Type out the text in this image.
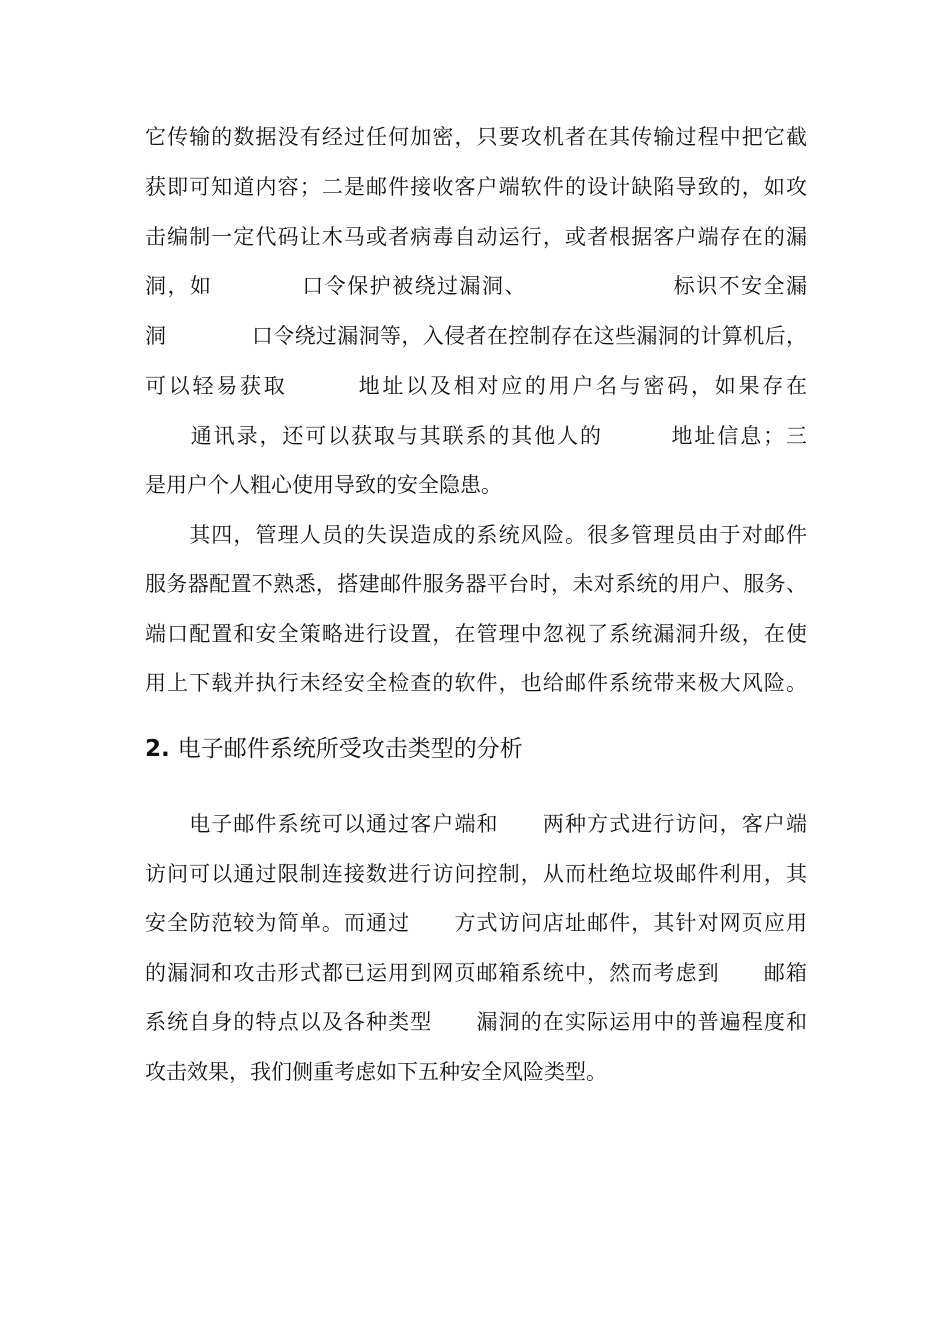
它传输的数据没有经过任何加密，只要攻机者在其传输过程中把它截
获即可知道内容；二是邮件接收客户端软件的设计缺陷导致的，如攻
击编制一定代码让木马或者病毒自动运行，或者根据客户端存在的漏
洞，如　　　　口令保护被绕过漏洞、　　　　　　　标识不安全漏
洞　　　　口令绕过漏洞等，入侵者在控制存在这些漏洞的计算机后，
可以轻易获取　　　地址以及相对应的用户名与密码，如果存在
　　通讯录，还可以获取与其联系的其他人的　　　地址信息；三
是用户个人粗心使用导致的安全隐患。
　　其四，管理人员的失误造成的系统风险。很多管理员由于对邮件
服务器配置不熟悉，搭建邮件服务器平台时，未对系统的用户、服务、
端口配置和安全策略进行设置，在管理中忽视了系统漏洞升级，在使
用上下载并执行未经安全检查的软件，也给邮件系统带来极大风险。
2. 电子邮件系统所受攻击类型的分析
　　电子邮件系统可以通过客户端和　　两种方式进行访问，客户端
访问可以通过限制连接数进行访问控制，从而杜绝垃圾邮件利用，其
安全防范较为简单。而通过　　方式访问店址邮件，其针对网页应用
的漏洞和攻击形式都已运用到网页邮箱系统中，然而考虑到　　邮箱
系统自身的特点以及各种类型　　漏洞的在实际运用中的普遍程度和
攻击效果，我们侧重考虑如下五种安全风险类型。
